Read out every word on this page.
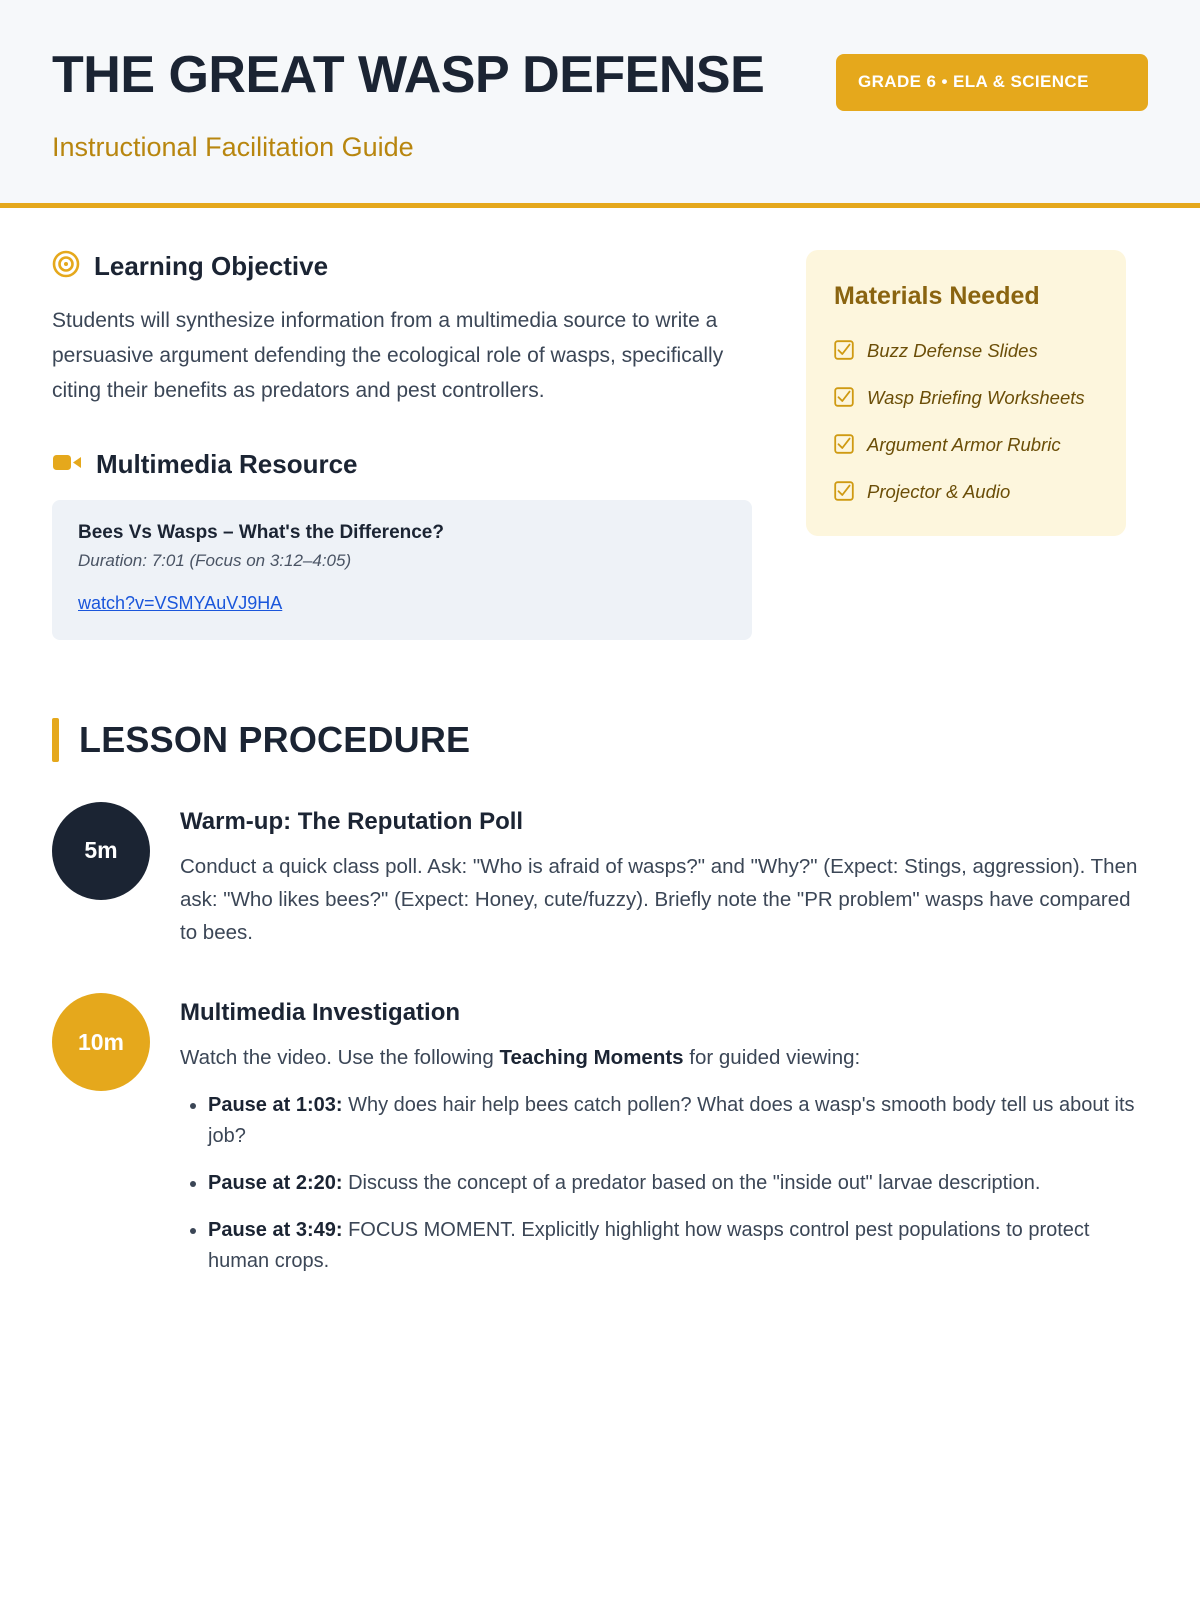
THE GREAT WASP DEFENSE
Instructional Facilitation Guide
GRADE 6 • ELA & SCIENCE
Learning Objective

Students will synthesize information from a multimedia source to write a persuasive argument defending the ecological role of wasps, specifically citing their benefits as predators and pest controllers.

Multimedia Resource
Bees Vs Wasps – What's the Difference?
Duration: 7:01 (Focus on 3:12–4:05)
watch?v=VSMYAuVJ9HA
Materials Needed
Buzz Defense Slides
Wasp Briefing Worksheets
Argument Armor Rubric
Projector & Audio
LESSON PROCEDURE
5m
Warm-up: The Reputation Poll

Conduct a quick class poll. Ask: "Who is afraid of wasps?" and "Why?" (Expect: Stings, aggression). Then ask: "Who likes bees?" (Expect: Honey, cute/fuzzy). Briefly note the "PR problem" wasps have compared to bees.

10m
Multimedia Investigation

Watch the video. Use the following Teaching Moments for guided viewing:

• Pause at 1:03: Why does hair help bees catch pollen? What does a wasp's smooth body tell us about its job?
• Pause at 2:20: Discuss the concept of a predator based on the "inside out" larvae description.
• Pause at 3:49: FOCUS MOMENT. Explicitly highlight how wasps control pest populations to protect human crops.
